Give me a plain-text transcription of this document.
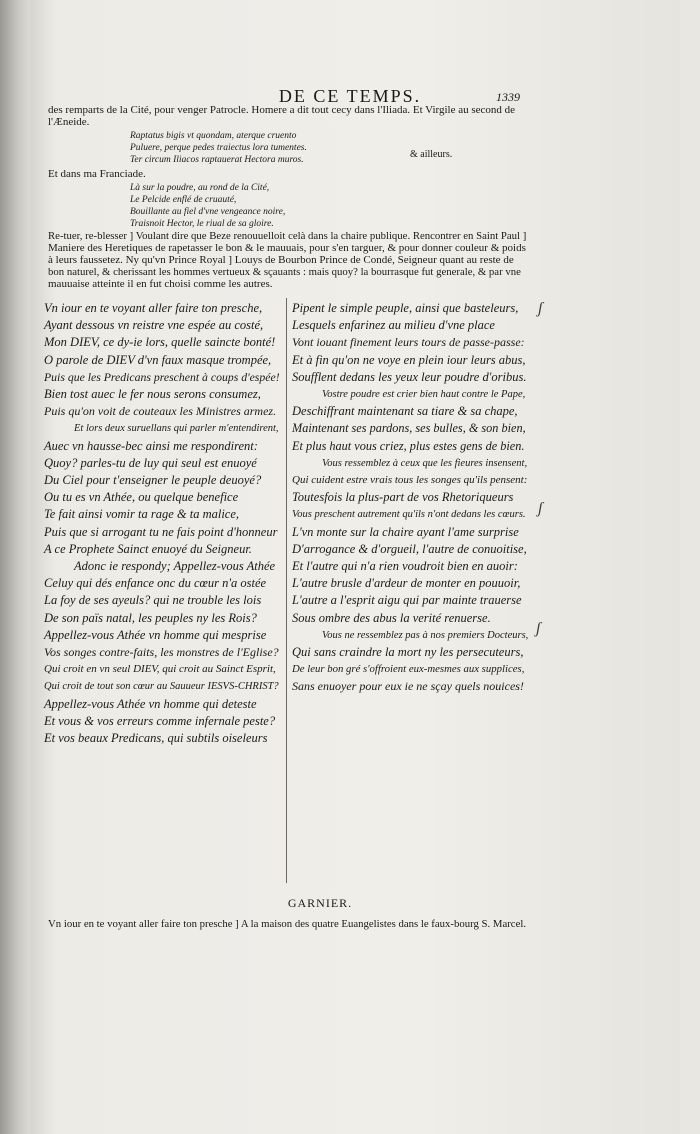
DE CE TEMPS.	1339

des remparts de la Cité, pour venger Patrocle. Homere a dit tout cecy dans l'Iliada. Et Virgile au second de

l'Æneide.

Raptatus bigis vt quondam, aterque cruento
Puluere, perque pedes traiectus lora tumentes.
Ter circum Iliacos raptauerat Hectora muros.	& ailleurs.
Et dans ma Franciade.
Là sur la poudre, au rond de la Cité,
Le Pelcide enflé de cruauté,
Bouillante au fiel d'vne vengeance noire,
Traisnoit Hector, le riual de sa gloire.

Re-tuer, re-blesser ] Voulant dire que Beze renouuelloit celà dans la chaire publique. Rencontrer en Saint Paul ]

Maniere des Heretiques de rapetasser le bon & le mauuais, pour s'en targuer, & pour donner couleur & poids

à leurs faussetez. Ny qu'vn Prince Royal ] Louys de Bourbon Prince de Condé, Seigneur quant au reste de

bon naturel, & cherissant les hommes vertueux & sçauants : mais quoy? la bourrasque fut generale, & par vne

mauuaise atteinte il en fut choisi comme les autres.

Vn iour en te voyant aller faire ton presche,
Ayant dessous vn reistre vne espée au costé,
Mon DIEV, ce dy-ie lors, quelle saincte bonté!
O parole de DIEV d'vn faux masque trompée,
Puis que les Predicans preschent à coups d'espée!
Bien tost auec le fer nous serons consumez,
Puis qu'on voit de couteaux les Ministres armez.
Et lors deux suruellans qui parler m'entendirent,
Auec vn hausse-bec ainsi me respondirent:
Quoy? parles-tu de luy qui seul est enuoyé
Du Ciel pour t'enseigner le peuple deuoyé?
Ou tu es vn Athée, ou quelque benefice
Te fait ainsi vomir ta rage & ta malice,
Puis que si arrogant tu ne fais point d'honneur
A ce Prophete Sainct enuoyé du Seigneur.
Adonc ie respondy; Appellez-vous Athée
Celuy qui dés enfance onc du cœur n'a ostée
La foy de ses ayeuls? qui ne trouble les lois
De son païs natal, les peuples ny les Rois?
Appellez-vous Athée vn homme qui mesprise
Vos songes contre-faits, les monstres de l'Eglise?
Qui croit en vn seul DIEV, qui croit au Sainct Esprit,
Qui croit de tout son cœur au Sauueur IESVS-CHRIST?
Appellez-vous Athée vn homme qui deteste
Et vous & vos erreurs comme infernale peste?
Et vos beaux Predicans, qui subtils oiseleurs
Pipent le simple peuple, ainsi que basteleurs,
Lesquels enfarinez au milieu d'vne place
Vont iouant finement leurs tours de passe-passe:
Et à fin qu'on ne voye en plein iour leurs abus,
Soufflent dedans les yeux leur poudre d'oribus.
Vostre poudre est crier bien haut contre le Pape,
Deschiffrant maintenant sa tiare & sa chape,
Maintenant ses pardons, ses bulles, & son bien,
Et plus haut vous criez, plus estes gens de bien.
Vous ressemblez à ceux que les fieures insensent,
Qui cuident estre vrais tous les songes qu'ils pensent:
Toutesfois la plus-part de vos Rhetoriqueurs
Vous preschent autrement qu'ils n'ont dedans les cœurs.
L'vn monte sur la chaire ayant l'ame surprise
D'arrogance & d'orgueil, l'autre de conuoitise,
Et l'autre qui n'a rien voudroit bien en auoir:
L'autre brusle d'ardeur de monter en pouuoir,
L'autre a l'esprit aigu qui par mainte trauerse
Sous ombre des abus la verité renuerse.
Vous ne ressemblez pas à nos premiers Docteurs,
Qui sans craindre la mort ny les persecuteurs,
De leur bon gré s'offroient eux-mesmes aux supplices,
Sans enuoyer pour eux ie ne sçay quels nouices!
GARNIER.
Vn iour en te voyant aller faire ton presche ] A la maison des quatre Euangelistes dans le faux-bourg S. Marcel.
ʃ
ʃ
ʃ
